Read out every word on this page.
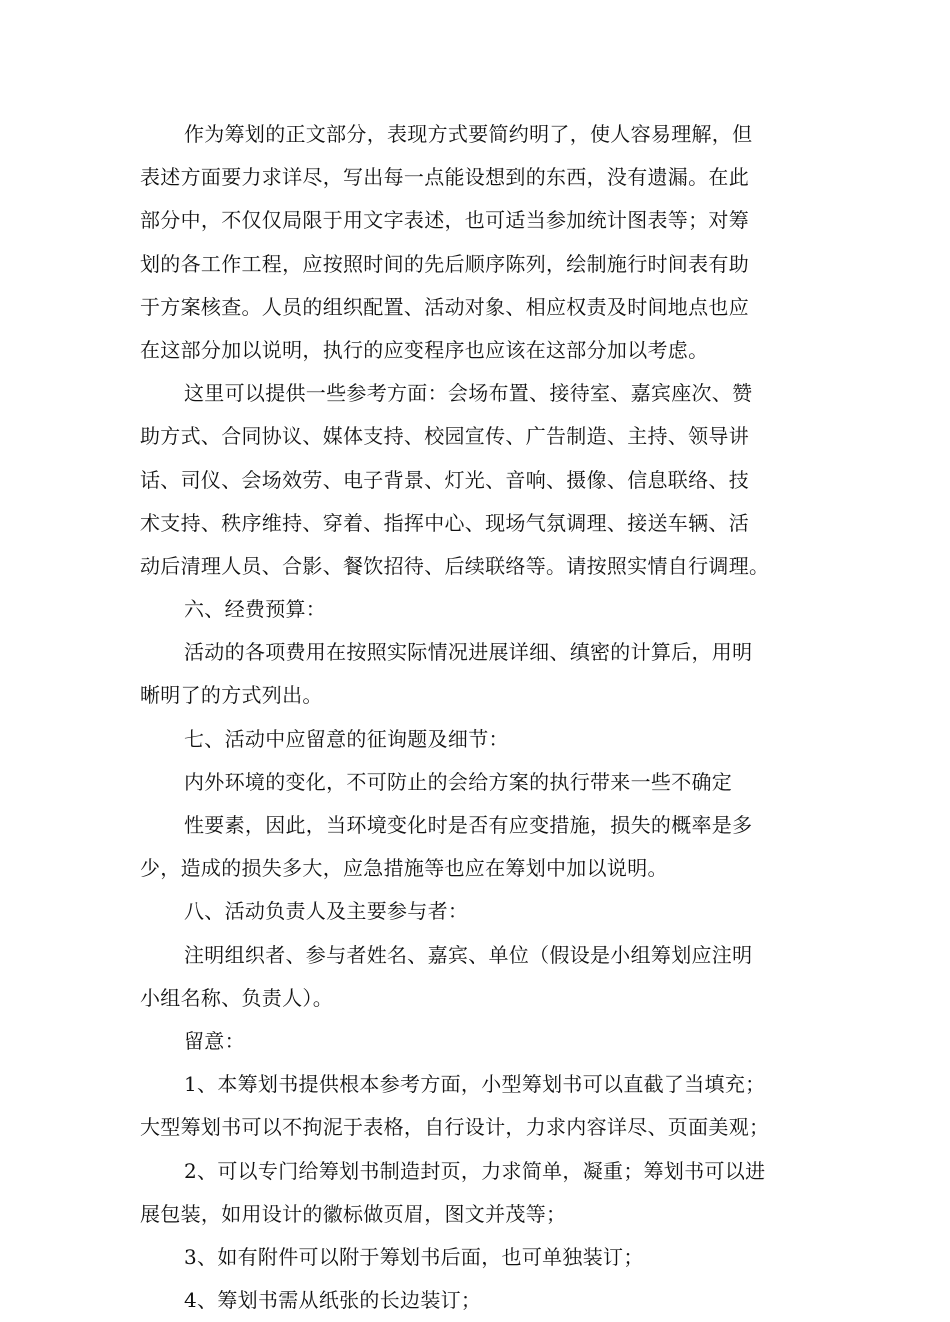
作为筹划的正文部分，表现方式要简约明了，使人容易理解，但
表述方面要力求详尽，写出每一点能设想到的东西，没有遗漏。在此
部分中，不仅仅局限于用文字表述，也可适当参加统计图表等；对筹
划的各工作工程，应按照时间的先后顺序陈列，绘制施行时间表有助
于方案核查。人员的组织配置、活动对象、相应权责及时间地点也应
在这部分加以说明，执行的应变程序也应该在这部分加以考虑。
这里可以提供一些参考方面：会场布置、接待室、嘉宾座次、赞
助方式、合同协议、媒体支持、校园宣传、广告制造、主持、领导讲
话、司仪、会场效劳、电子背景、灯光、音响、摄像、信息联络、技
术支持、秩序维持、穿着、指挥中心、现场气氛调理、接送车辆、活
动后清理人员、合影、餐饮招待、后续联络等。请按照实情自行调理。
六、经费预算：
活动的各项费用在按照实际情况进展详细、缜密的计算后，用明
晰明了的方式列出。
七、活动中应留意的征询题及细节：
内外环境的变化，不可防止的会给方案的执行带来一些不确定
性要素，因此，当环境变化时是否有应变措施，损失的概率是多
少，造成的损失多大，应急措施等也应在筹划中加以说明。
八、活动负责人及主要参与者：
注明组织者、参与者姓名、嘉宾、单位（假设是小组筹划应注明
小组名称、负责人）。
留意：
1、本筹划书提供根本参考方面，小型筹划书可以直截了当填充；
大型筹划书可以不拘泥于表格，自行设计，力求内容详尽、页面美观；
2、可以专门给筹划书制造封页，力求简单，凝重；筹划书可以进
展包装，如用设计的徽标做页眉，图文并茂等；
3、如有附件可以附于筹划书后面，也可单独装订；
4、筹划书需从纸张的长边装订；
